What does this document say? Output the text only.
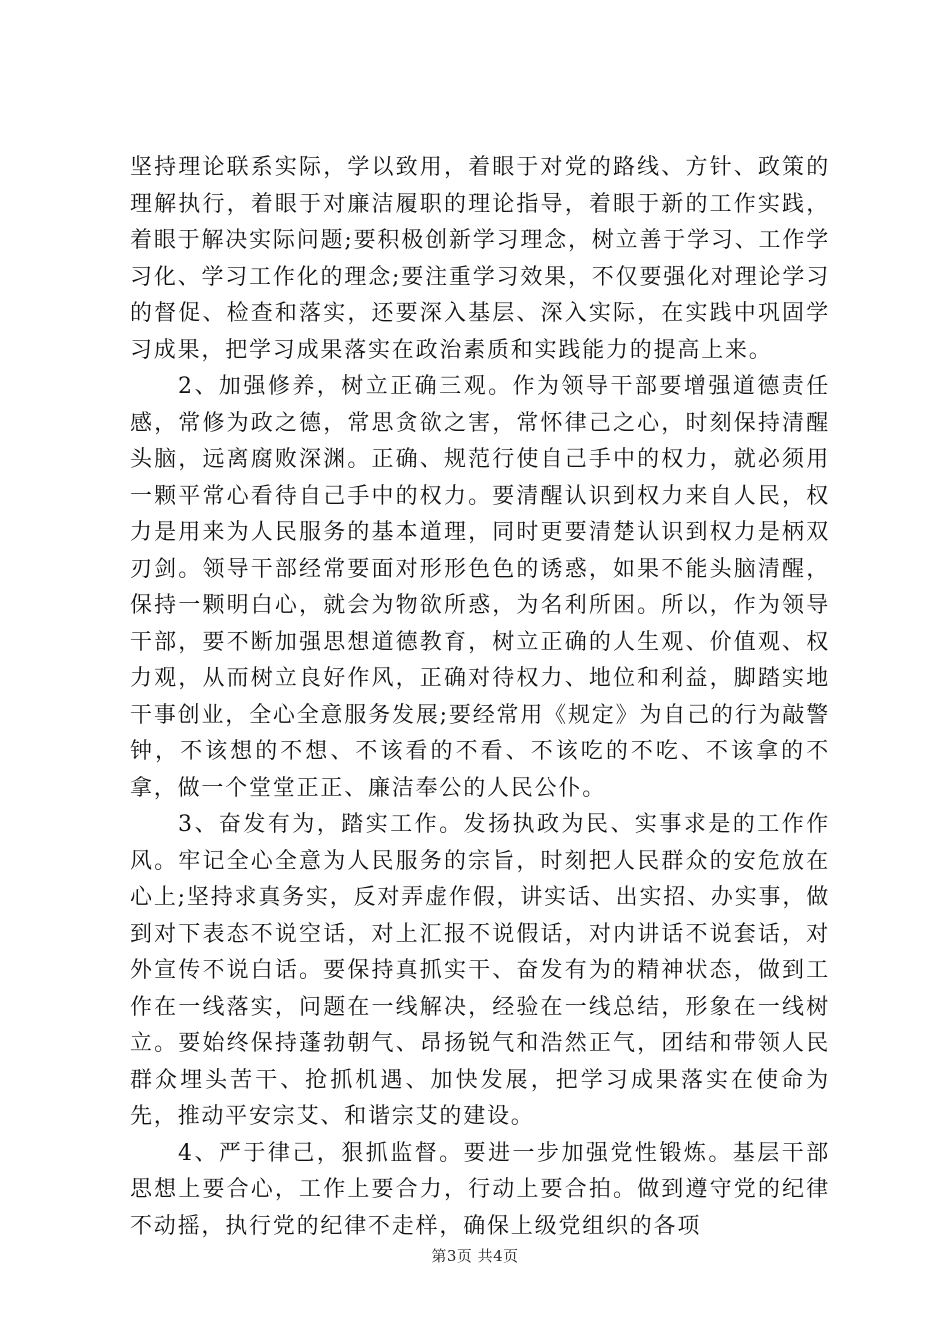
坚持理论联系实际，学以致用，着眼于对党的路线、方针、政策的理解执行，着眼于对廉洁履职的理论指导，着眼于新的工作实践，着眼于解决实际问题;要积极创新学习理念，树立善于学习、工作学习化、学习工作化的理念;要注重学习效果，不仅要强化对理论学习的督促、检查和落实，还要深入基层、深入实际，在实践中巩固学习成果，把学习成果落实在政治素质和实践能力的提高上来。

2、加强修养，树立正确三观。作为领导干部要增强道德责任感，常修为政之德，常思贪欲之害，常怀律己之心，时刻保持清醒头脑，远离腐败深渊。正确、规范行使自己手中的权力，就必须用一颗平常心看待自己手中的权力。要清醒认识到权力来自人民，权力是用来为人民服务的基本道理，同时更要清楚认识到权力是柄双刃剑。领导干部经常要面对形形色色的诱惑，如果不能头脑清醒，保持一颗明白心，就会为物欲所惑，为名利所困。所以，作为领导干部，要不断加强思想道德教育，树立正确的人生观、价值观、权力观，从而树立良好作风，正确对待权力、地位和利益，脚踏实地干事创业，全心全意服务发展;要经常用《规定》为自己的行为敲警钟，不该想的不想、不该看的不看、不该吃的不吃、不该拿的不拿，做一个堂堂正正、廉洁奉公的人民公仆。

3、奋发有为，踏实工作。发扬执政为民、实事求是的工作作风。牢记全心全意为人民服务的宗旨，时刻把人民群众的安危放在心上;坚持求真务实，反对弄虚作假，讲实话、出实招、办实事，做到对下表态不说空话，对上汇报不说假话，对内讲话不说套话，对外宣传不说白话。要保持真抓实干、奋发有为的精神状态，做到工作在一线落实，问题在一线解决，经验在一线总结，形象在一线树立。要始终保持蓬勃朝气、昂扬锐气和浩然正气，团结和带领人民群众埋头苦干、抢抓机遇、加快发展，把学习成果落实在使命为先，推动平安宗艾、和谐宗艾的建设。

4、严于律己，狠抓监督。要进一步加强党性锻炼。基层干部思想上要合心，工作上要合力，行动上要合拍。做到遵守党的纪律不动摇，执行党的纪律不走样，确保上级党组织的各项

第3页 共4页
